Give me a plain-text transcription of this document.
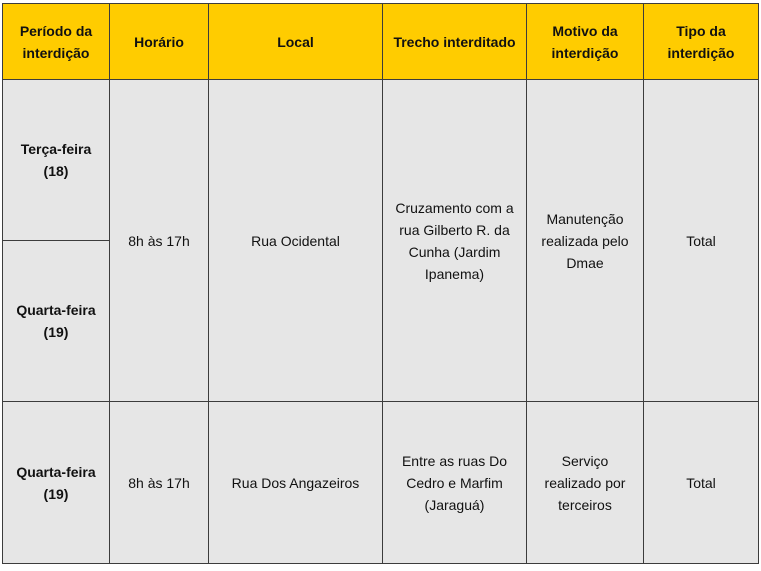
Período da interdição	Horário	Local	Trecho interditado	Motivo da interdição	Tipo da interdição
Terça-feira (18)	8h às 17h	Rua Ocidental	Cruzamento com a rua Gilberto R. da Cunha (Jardim Ipanema)	Manutenção realizada pelo Dmae	Total
Quarta-feira (19)					
Quarta-feira (19)	8h às 17h	Rua Dos Angazeiros	Entre as ruas Do Cedro e Marfim (Jaraguá)	Serviço realizado por terceiros	Total
